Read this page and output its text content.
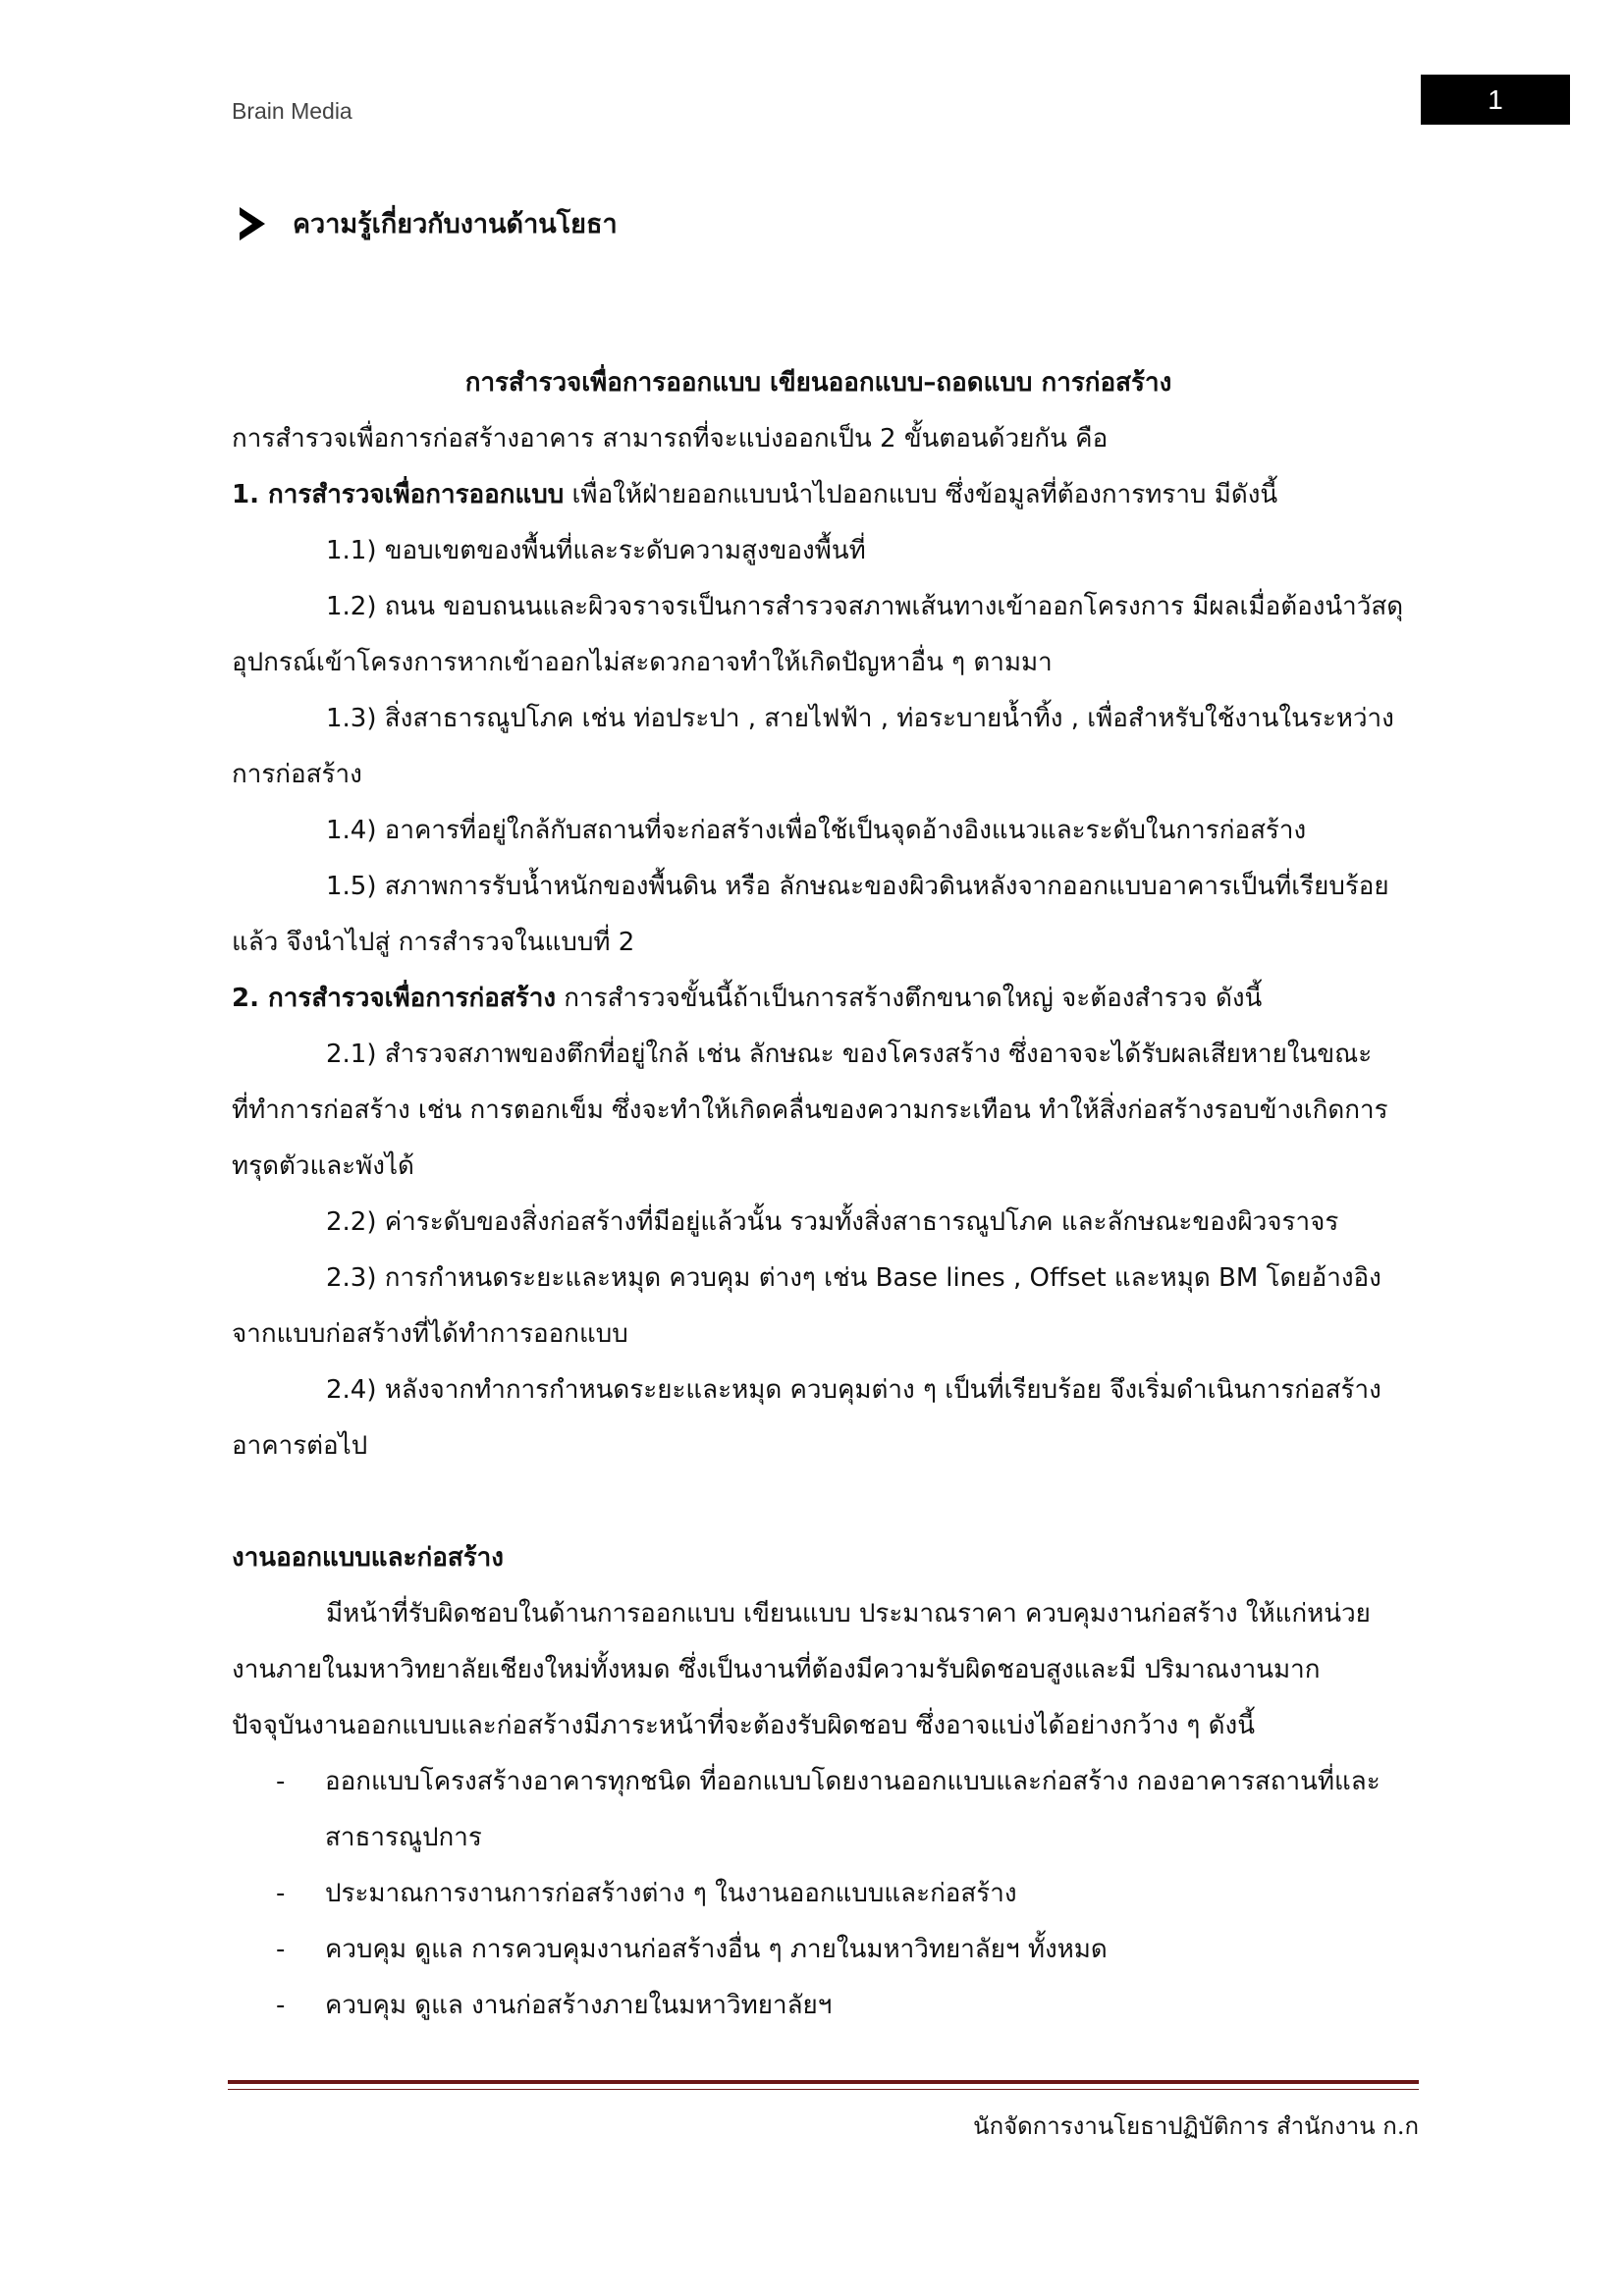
Brain Media	1
ความรู้เกี่ยวกับงานด้านโยธา

การสำรวจเพื่อการออกแบบ เขียนออกแบบ–ถอดแบบ การก่อสร้าง

การสำรวจเพื่อการก่อสร้างอาคาร สามารถที่จะแบ่งออกเป็น 2 ขั้นตอนด้วยกัน คือ

1. การสำรวจเพื่อการออกแบบ เพื่อให้ฝ่ายออกแบบนำไปออกแบบ ซึ่งข้อมูลที่ต้องการทราบ มีดังนี้

1.1) ขอบเขตของพื้นที่และระดับความสูงของพื้นที่

1.2) ถนน ขอบถนนและผิวจราจรเป็นการสำรวจสภาพเส้นทางเข้าออกโครงการ มีผลเมื่อต้องนำวัสดุอุปกรณ์เข้าโครงการหากเข้าออกไม่สะดวกอาจทำให้เกิดปัญหาอื่น ๆ ตามมา

1.3) สิ่งสาธารณูปโภค เช่น ท่อประปา , สายไฟฟ้า , ท่อระบายน้ำทิ้ง , เพื่อสำหรับใช้งานในระหว่างการก่อสร้าง

1.4) อาคารที่อยู่ใกล้กับสถานที่จะก่อสร้างเพื่อใช้เป็นจุดอ้างอิงแนวและระดับในการก่อสร้าง

1.5) สภาพการรับน้ำหนักของพื้นดิน หรือ ลักษณะของผิวดินหลังจากออกแบบอาคารเป็นที่เรียบร้อยแล้ว จึงนำไปสู่ การสำรวจในแบบที่ 2

2. การสำรวจเพื่อการก่อสร้าง การสำรวจขั้นนี้ถ้าเป็นการสร้างตึกขนาดใหญ่ จะต้องสำรวจ ดังนี้

2.1) สำรวจสภาพของตึกที่อยู่ใกล้ เช่น ลักษณะ ของโครงสร้าง ซึ่งอาจจะได้รับผลเสียหายในขณะที่ทำการก่อสร้าง เช่น การตอกเข็ม ซึ่งจะทำให้เกิดคลื่นของความกระเทือน ทำให้สิ่งก่อสร้างรอบข้างเกิดการทรุดตัวและพังได้

2.2) ค่าระดับของสิ่งก่อสร้างที่มีอยู่แล้วนั้น รวมทั้งสิ่งสาธารณูปโภค และลักษณะของผิวจราจร

2.3) การกำหนดระยะและหมุด ควบคุม ต่างๆ เช่น Base lines , Offset และหมุด BM โดยอ้างอิงจากแบบก่อสร้างที่ได้ทำการออกแบบ

2.4) หลังจากทำการกำหนดระยะและหมุด ควบคุมต่าง ๆ เป็นที่เรียบร้อย จึงเริ่มดำเนินการก่อสร้างอาคารต่อไป

งานออกแบบและก่อสร้าง

มีหน้าที่รับผิดชอบในด้านการออกแบบ เขียนแบบ ประมาณราคา ควบคุมงานก่อสร้าง ให้แก่หน่วยงานภายในมหาวิทยาลัยเชียงใหม่ทั้งหมด ซึ่งเป็นงานที่ต้องมีความรับผิดชอบสูงและมี ปริมาณงานมาก ปัจจุบันงานออกแบบและก่อสร้างมีภาระหน้าที่จะต้องรับผิดชอบ ซึ่งอาจแบ่งได้อย่างกว้าง ๆ ดังนี้

-	ออกแบบโครงสร้างอาคารทุกชนิด ที่ออกแบบโดยงานออกแบบและก่อสร้าง กองอาคารสถานที่และสาธารณูปการ
-	ประมาณการงานการก่อสร้างต่าง ๆ ในงานออกแบบและก่อสร้าง
-	ควบคุม ดูแล การควบคุมงานก่อสร้างอื่น ๆ ภายในมหาวิทยาลัยฯ ทั้งหมด
-	ควบคุม ดูแล งานก่อสร้างภายในมหาวิทยาลัยฯ
นักจัดการงานโยธาปฏิบัติการ สำนักงาน ก.ก
